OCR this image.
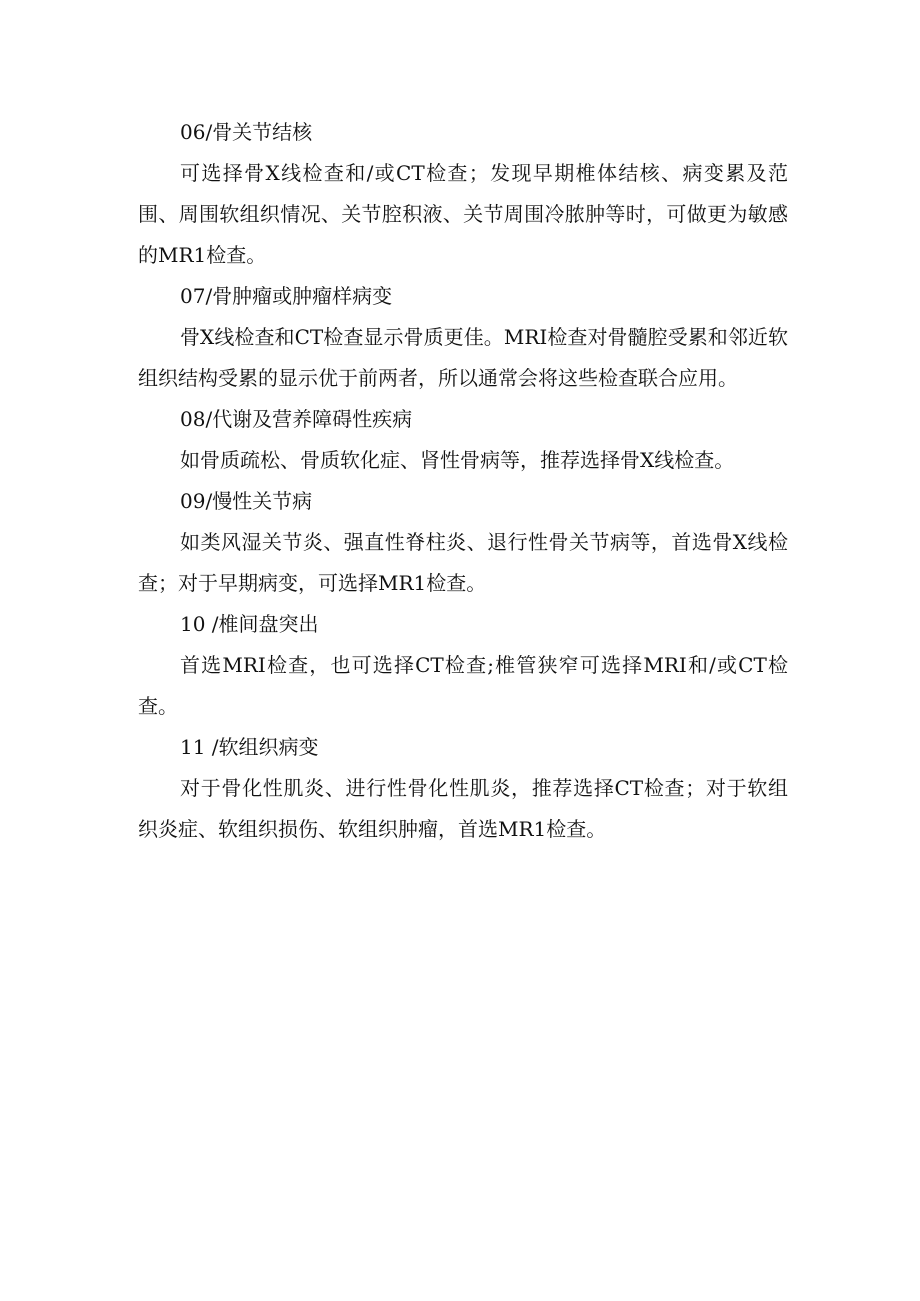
06/骨关节结核

可选择骨X线检查和/或CT检查；发现早期椎体结核、病变累及范围、周围软组织情况、关节腔积液、关节周围冷脓肿等时，可做更为敏感的MR1检查。

07/骨肿瘤或肿瘤样病变

骨X线检查和CT检查显示骨质更佳。MRI检查对骨髓腔受累和邻近软组织结构受累的显示优于前两者，所以通常会将这些检查联合应用。

08/代谢及营养障碍性疾病

如骨质疏松、骨质软化症、肾性骨病等，推荐选择骨X线检查。

09/慢性关节病

如类风湿关节炎、强直性脊柱炎、退行性骨关节病等，首选骨X线检查；对于早期病变，可选择MR1检查。

10 /椎间盘突出

首选MRI检查，也可选择CT检查;椎管狭窄可选择MRI和/或CT检查。

11 /软组织病变

对于骨化性肌炎、进行性骨化性肌炎，推荐选择CT检查；对于软组织炎症、软组织损伤、软组织肿瘤，首选MR1检查。
